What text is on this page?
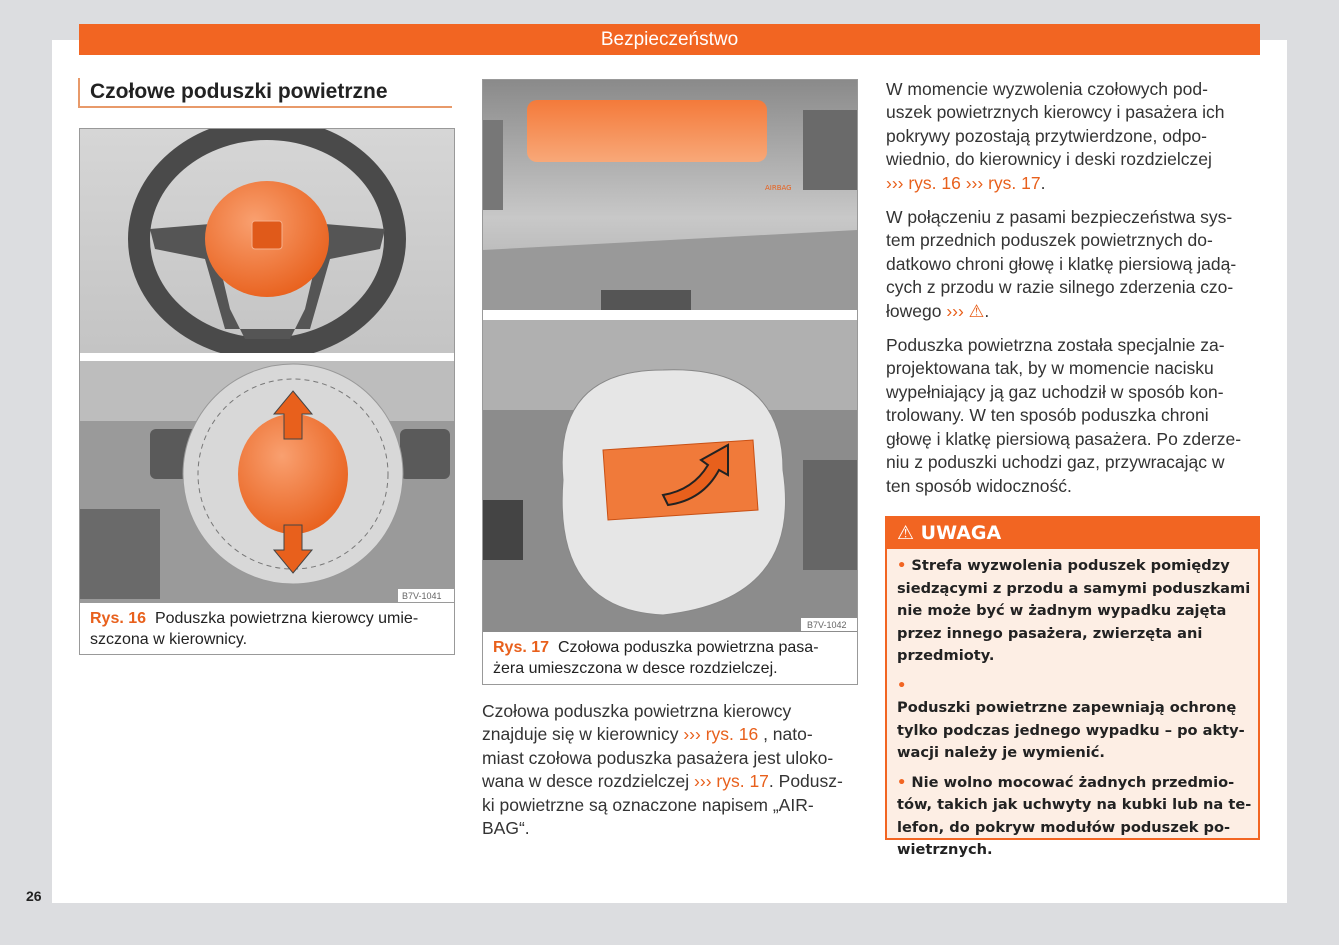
Bezpieczeństwo
Czołowe poduszki powietrzne
B7V-1041
Rys. 16 Poduszka powietrzna kierowcy umie-
szczona w kierownicy.
AIRBAG
B7V-1042
Rys. 17 Czołowa poduszka powietrzna pasa-
żera umieszczona w desce rozdzielczej.

Czołowa poduszka powietrzna kierowcy
znajduje się w kierownicy ››› rys. 16 , nato-
miast czołowa poduszka pasażera jest uloko-
wana w desce rozdzielczej ››› rys. 17. Podusz-
ki powietrzne są oznaczone napisem „AIR-
BAG“.

W momencie wyzwolenia czołowych pod-
uszek powietrznych kierowcy i pasażera ich
pokrywy pozostają przytwierdzone, odpo-
wiednio, do kierownicy i deski rozdzielczej
››› rys. 16 ››› rys. 17.

W połączeniu z pasami bezpieczeństwa sys-
tem przednich poduszek powietrznych do-
datkowo chroni głowę i klatkę piersiową jadą-
cych z przodu w razie silnego zderzenia czo-
łowego ››› ⚠.

Poduszka powietrzna została specjalnie za-
projektowana tak, by w momencie nacisku
wypełniający ją gaz uchodził w sposób kon-
trolowany. W ten sposób poduszka chroni
głowę i klatkę piersiową pasażera. Po zderze-
niu z poduszki uchodzi gaz, przywracając w
ten sposób widoczność.

⚠ UWAGA

• Strefa wyzwolenia poduszek pomiędzy
siedzącymi z przodu a samymi poduszkami
nie może być w żadnym wypadku zajęta
przez innego pasażera, zwierzęta ani
przedmioty.

• Poduszki powietrzne zapewniają ochronę
tylko podczas jednego wypadku – po akty-
wacji należy je wymienić.

• Nie wolno mocować żadnych przedmio-
tów, takich jak uchwyty na kubki lub na te-
lefon, do pokryw modułów poduszek po-
wietrznych.

26
